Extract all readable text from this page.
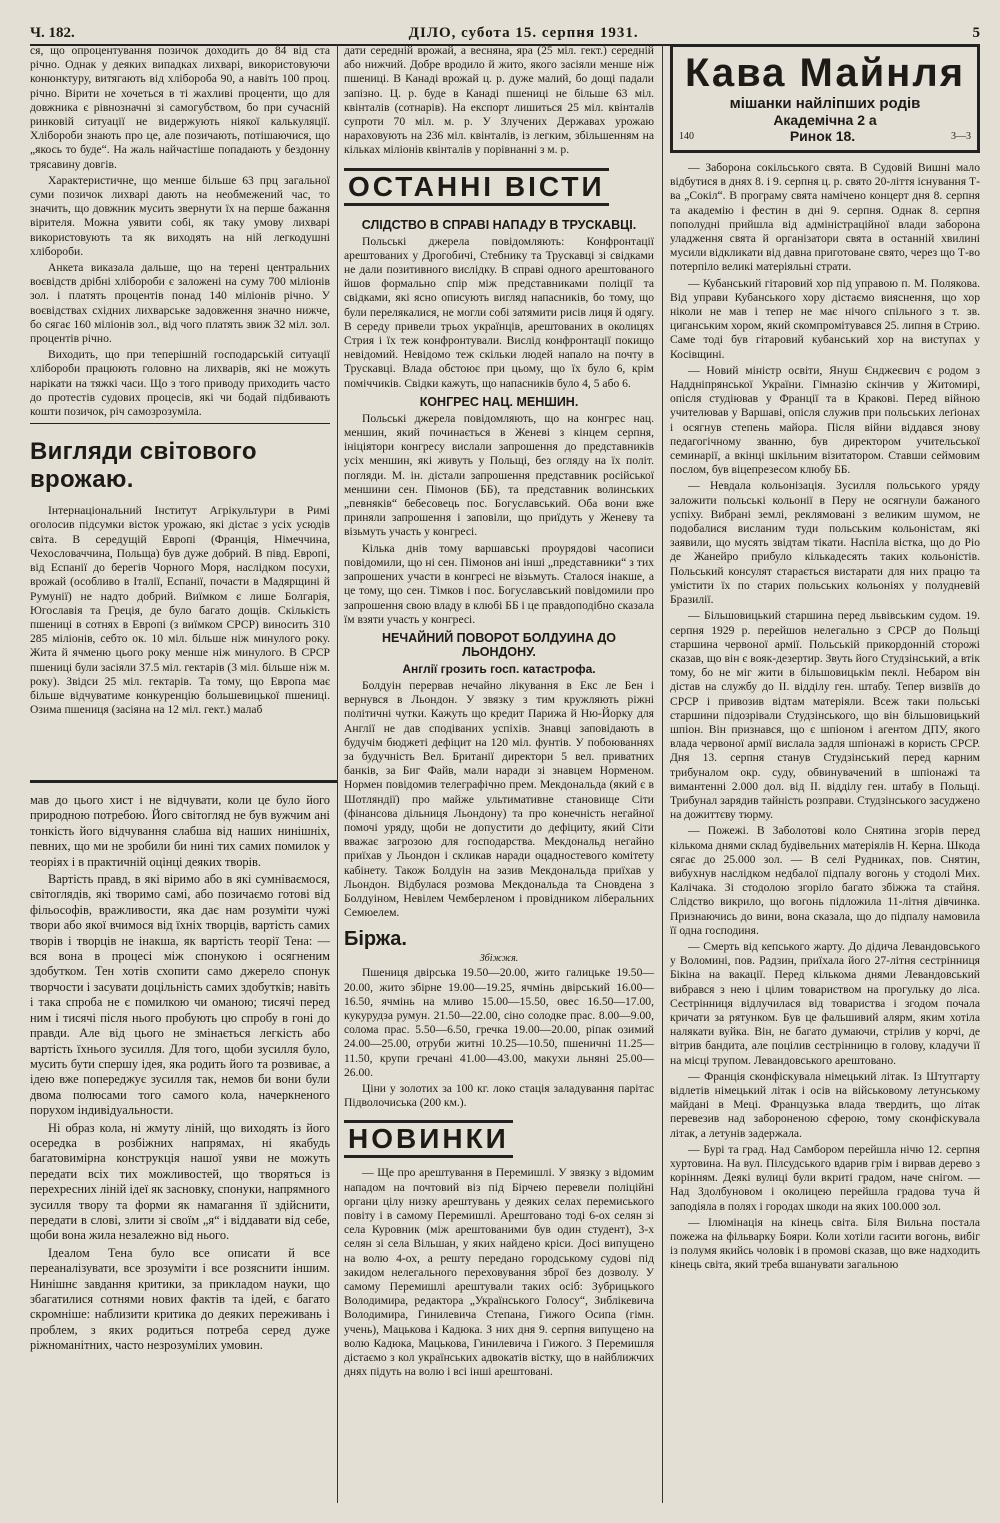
Ч. 182.	ДІЛО, субота 15. серпня 1931.	5

ся, що опроцентування позичок доходить до 84 від ста річно. Однак у деяких випадках лихварі, використовуючи конюнктуру, витягають від хлібороба 90, а навіть 100 проц. річно. Вірити не хочеться в ті жахливі проценти, що для довжника є рівнозначні зі самогубством, бо при сучасній ринковій ситуації не видержують ніякої калькуляції. Хлібороби знають про це, але позичають, потішаючися, що „якось то буде“. На жаль найчастіше попадають у бездонну трясавину довгів.

Характеристичне, що менше більше 63 прц загальної суми позичок лихварі дають на необмежений час, то значить, що довжник мусить звернути їх на перше бажання вірителя. Можна уявити собі, як таку умову лихварі використовують та як виходять на ній легкодушні хлібороби.

Анкета виказала дальше, що на терені центральних воєвідств дрібні хлібороби є заложені на суму 700 міліонів зол. і платять процентів понад 140 міліонів річно. У воєвідствах східних лихварське задовження значно нижче, бо сягає 160 міліонів зол., від чого платять звиж 32 міл. зол. процентів річно.

Виходить, що при теперішній господарській ситуації хлібороби працюють головно на лихварів, які не можуть нарікати на тяжкі часи. Що з того приводу приходить часто до протестів судових процесів, які чи бодай підбивають кошти позичок, річ самозрозуміла.

Вигляди світового врожаю.

Інтернаціональний Інститут Агрікультури в Римі оголосив підсумки вісток урожаю, які дістає з усіх усюдів світа. В середущій Европі (Франція, Німеччина, Чехословаччина, Польща) був дуже добрий. В півд. Европі, від Еспанії до берегів Чорного Моря, наслідком посухи, врожай (особливо в Італії, Еспанії, почасти в Мадярщині й Румунії) не надто добрий. Виїмком є лише Болгарія, Югославія та Греція, де було багато дощів. Скількість пшениці в сотнях в Европі (з виїмком СРСР) виносить 310 285 міліонів, себто ок. 10 міл. більше ніж минулого року. Жита й ячменю цього року менше ніж минулого. В СРСР пшениці були засіяли 37.5 міл. гектарів (3 міл. більше ніж м. року). Звідси 25 міл. гектарів. Та тому, що Европа має більше відчуватиме конкуренцію большевицької пшениці. Озима пшениця (засіяна на 12 міл. гект.) малаб

мав до цього хист і не відчувати, коли це було його природною потребою. Його світогляд не був вужчим ані тонкість його відчування слабша від наших нинішніх, певних, що ми не зробили би нині тих самих помилок у теоріях і в практичній оцінці деяких творів.

Вартість правд, в які віримо або в які сумніваємося, світоглядів, які творимо самі, або позичаємо готові від фільософів, вражливости, яка дає нам розуміти чужі твори або якої вчимося від їхніх творців, вартість самих творів і творців не інакша, як вартість теорії Тена: — вся вона в процесі між спонукою і осягненим здобутком. Тен хотів схопити само джерело спонук творчости і засувати доцільність самих здобутків; навіть і така спроба не є помилкою чи оманою; тисячі перед ним і тисячі після нього пробують цю спробу в гоні до правди. Але від цього не змінається легкість або вартість їхнього зусилля. Для того, щоби зусилля було, мусить бути спершу ідея, яка родить його та розвиває, а ідею вже попереджує зусилля так, немов би вони були двома полюсами того самого кола, начеркненого порухом індивідуальности.

Ні образ кола, ні жмуту ліній, що виходять із його осередка в розбіжних напрямах, ні якабудь багатовимірна конструкція нашої уяви не можуть передати всіх тих можливостей, що творяться із перехресних ліній ідеї як засновку, спонуки, напрямного зусилля твору та форми як намагання її здійснити, передати в слові, злити зі своїм „я“ і віддавати від себе, щоби вона жила незалежно від нього.

Ідеалом Тена було все описати й все переаналізувати, все зрозуміти і все розяснити іншим. Нинішнє завдання критики, за прикладом науки, що збагатилися сотнями нових фактів та ідей, є багато скромніше: наблизити критика до деяких переживань і проблем, з яких родиться потреба серед дуже ріжноманітних, часто незрозумілих умовин.

дати середній врожай, а весняна, яра (25 міл. гект.) середній або нижчий. Добре вродило й жито, якого засіяли менше ніж пшениці. В Канаді врожай ц. р. дуже малий, бо дощі падали запізно. Ц. р. буде в Канаді пшениці не більше 63 міл. квінталів (сотнарів). На експорт лишиться 25 міл. квінталів супроти 70 міл. м. р. У Злучених Державах урожаю нараховують на 236 міл. квінталів, із легким, збільшенням на кільках міліонів квінталів у порівнанні з м. р.

ОСТАННІ ВІСТИ
СЛІДСТВО В СПРАВІ НАПАДУ В ТРУСКАВЦІ.

Польські джерела повідомляють: Конфронтації арештованих у Дрогобичі, Стебнику та Трускавці зі свідками не дали позитивного вислідку. В справі одного арештованого йшов формально спір між представниками поліції та свідками, які ясно описують вигляд напасників, бо тому, що були перелякалися, не могли собі затямити рисів лиця й одягу. В середу привели трьох українців, арештованих в околицях Стрия і їх теж конфронтували. Вислід конфронтації покищо невідомий. Невідомо теж скільки людей напало на почту в Трускавці. Влада обстоює при цьому, що їх було 6, крім поміччиків. Свідки кажуть, що напасників було 4, 5 або 6.

КОНГРЕС НАЦ. МЕНШИН.

Польські джерела повідомляють, що на конгрес нац. меншин, який починається в Женеві з кінцем серпня, ініціятори конгресу вислали запрошення до представників усіх меншин, які живуть у Польщі, без огляду на їх політ. погляди. М. ін. дістали запрошення представник російської меншини сен. Пімонов (ББ), та представник волинських „певняків“ бебесовець пос. Богуславський. Оба вони вже приняли запрошення і заповіли, що приїдуть у Женеву та візьмуть участь у конгресі.

Кілька днів тому варшавські проурядові часописи повідомили, що ні сен. Пімонов ані інші „представники“ з тих запрошених участи в конгресі не візьмуть. Сталося інакше, а це тому, що сен. Тімков і пос. Богуславський повідомили про запрошення свою владу в клюбі ББ і це правдоподібно сказала їм взяти участь у конгресі.

НЕЧАЙНИЙ ПОВОРОТ БОЛДУИНА ДО ЛЬОНДОНУ.
Англії грозить госп. катастрофа.

Болдуін перервав нечайно лікування в Екс ле Бен і вернувся в Льондон. У звязку з тим кружляють ріжні політичні чутки. Кажуть що кредит Парижа й Ню-Йорку для Англії не дав сподіваних успіхів. Знавці заповідають в будучім бюджеті дефіцит на 120 міл. фунтів. У побоюваннях за будучність Вел. Британії директори 5 вел. приватних банків, за Биг Файв, мали наради зі знавцем Норменом. Нормен повідомив телеграфічно прем. Мекдональда (який є в Шотляндії) про майже ультимативне становище Сіти (фінансова дільниця Льондону) та про конечність негайної помочі уряду, щоби не допустити до дефіциту, який Сіти вважає загрозою для господарства. Мекдональд негайно приїхав у Льондон і скликав наради оцадностевого комітету кабінету. Також Болдуін на зазив Мекдональда приїхав у Льондон. Відбулася розмова Мекдональда та Сновдена з Болдуіном, Невілем Чемберленом і провідником ліберальних Семюелем.

Біржа.
Збіжжя.

Пшениця двірська 19.50—20.00, жито галицьке 19.50—20.00, жито збірне 19.00—19.25, ячмінь двірський 16.00—16.50, ячмінь на мливо 15.00—15.50, овес 16.50—17.00, кукурудза румун. 21.50—22.00, сіно солодке прас. 8.00—9.00, солома прас. 5.50—6.50, гречка 19.00—20.00, ріпак озимий 24.00—25.00, отруби житні 10.25—10.50, пшеничні 11.25—11.50, крупи гречані 41.00—43.00, макухи льняні 25.00—26.00.

Ціни у золотих за 100 кг. локо стація заладування парітас Підволочиська (200 км.).

НОВИНКИ

— Ще про арештування в Перемишлі. У звязку з відомим нападом на почтовий віз під Бірчею перевели поліційні органи цілу низку арештувань у деяких селах перемиського повіту і в самому Перемишлі. Арештовано тоді 6-ох селян зі села Куровник (між арештованими був один студент), 3-х селян зі села Вільшан, у яких найдено кріси. Досі випущено на волю 4-ох, а решту передано городському судові під закидом нелегального переховування зброї без дозволу. У самому Перемишлі арештували таких осіб: Зубрицького Володимира, редактора „Українського Голосу“, Зиблікевича Володимира, Гинилевича Степана, Гижого Осипа (гімн. учень), Мацькова і Кадюка. З них дня 9. серпня випущено на волю Кадюка, Мацькова, Гинилевича і Гижого. З Перемишля дістаємо з кол українських адвокатів вістку, що в найближчих днях підуть на волю і всі інші арештовані.

Кава Майнля
мішанки найліпших родів
Академічна 2 а
140	Ринок 18.	3—3

— Заборона сокільського свята. В Судовій Вишні мало відбутися в днях 8. і 9. серпня ц. р. свято 20-ліття існування Т-ва „Сокіл“. В програму свята намічено концерт дня 8. серпня та академію і фестин в дні 9. серпня. Однак 8. серпня пополудні прийшла від адміністраційної влади заборона уладження свята й організатори свята в останній хвилині мусили відкликати від давна приготоване свято, через що Т-во потерпіло великі матеріяльні страти.

— Кубанський гітаровий хор під управою п. М. Полякова. Від управи Кубанського хору дістаємо вияснення, що хор ніколи не мав і тепер не має нічого спільного з т. зв. циганським хором, який скомпромітувався 25. липня в Стрию. Саме тоді був гітаровий кубанський хор на виступах у Косівщині.

— Новий міністр освіти, Януш Єнджеєвич є родом з Наддніпрянської України. Гімназію скінчив у Житомирі, опісля студіював у Франції та в Кракові. Перед війною учителював у Варшаві, опісля служив при польських леґіонах і осягнув степень майора. Після війни віддався знову педагогічному званню, був директором учительської семинарії, а вкінці шкільним візитатором. Ставши сеймовим послом, був віцепрезесом клюбу ББ.

— Невдала кольонізація. Зусилля польського уряду заложити польські кольонії в Перу не осягнули бажаного успіху. Вибрані землі, реклямовані з великим шумом, не подобалися висланим туди польським кольоністам, які заявили, що мусять звідтам тікати. Наспіла вістка, що до Ріо де Жанейро прибуло кількадесять таких кольоністів. Польський консулят старається вистарати для них працю та умістити їх по старих польських кольоніях у полудневій Бразилії.

— Більшовицький старшина перед львівським судом. 19. серпня 1929 р. перейшов нелегально з СРСР до Польщі старшина червоної армії. Польській прикордонній сторожі сказав, що він є вояк-дезертир. Звуть його Студзінський, а втік тому, бо не міг жити в більшовицькім пеклі. Небаром він дістав на службу до II. відділу ген. штабу. Тепер визвіїв до СРСР і привозив відтам матеріяли. Всеж таки польські старшини підозрівали Студзінського, що він більшовицький шпіон. Він признався, що є шпіоном і агентом ДПУ, якого влада червоної армії вислала задля шпіонажі в користь СРСР. Дня 13. серпня станув Студзінський перед карним трибуналом окр. суду, обвинувачений в шпіонажі та вимантенні 2.000 дол. від II. відділу ген. штабу в Польщі. Трибунал зарядив тайність розправи. Студзінського засуджено на дожиттєву тюрму.

— Пожежі. В Заболотові коло Снятина згорів перед кількома днями склад будівельних матеріялів Н. Керна. Шкода сягає до 25.000 зол. — В селі Рудниках, пов. Снятин, вибухнув наслідком недбалої підпалу вогонь у стодолі Мих. Калічака. Зі стодолою згоріло багато збіжжа та стайня. Слідство викрило, що вогонь підложила 11-літня дівчинка. Признаючись до вини, вона сказала, що до підпалу намовила її одна господиня.

— Смерть від кепського жарту. До дідича Левандовського у Воломині, пов. Радзин, приїхала його 27-літня сестрінниця Бікіна на вакації. Перед кількома днями Левандовський вибрався з нею і цілим товариством на прогульку до ліса. Сестрінниця відлучилася від товариства і згодом почала кричати за рятунком. Був це фальшивий алярм, яким хотіла налякати вуйка. Він, не багато думаючи, стрілив у корчі, де вітрив бандита, але поцілив сестрінницю в голову, кладучи її на місці трупом. Левандовського арештовано.

— Франція сконфіскувала німецький літак. Із Штутгарту відлетів німецький літак і осів на військовому летунському майдані в Меці. Французька влада твердить, що літак перевезив над забороненою сферою, тому сконфіскувала літак, а летунів задержала.

— Бурі та град. Над Самбором перейшла нічю 12. серпня хуртовина. На вул. Пілсудського вдарив грім і вирвав дерево з корінням. Деякі вулиці були вкриті градом, наче снігом. — Над Здолбуновом і околицею перейшла градова туча й заподіяла в полях і городах шкоди на яких 100.000 зол.

— Ілюмінація на кінець світа. Біля Вильна постала пожежа на фільварку Бояри. Коли хотіли гасити вогонь, вибіг із полумя якийсь чоловік і в промові сказав, що вже надходить кінець світа, який треба вшанувати загальною
